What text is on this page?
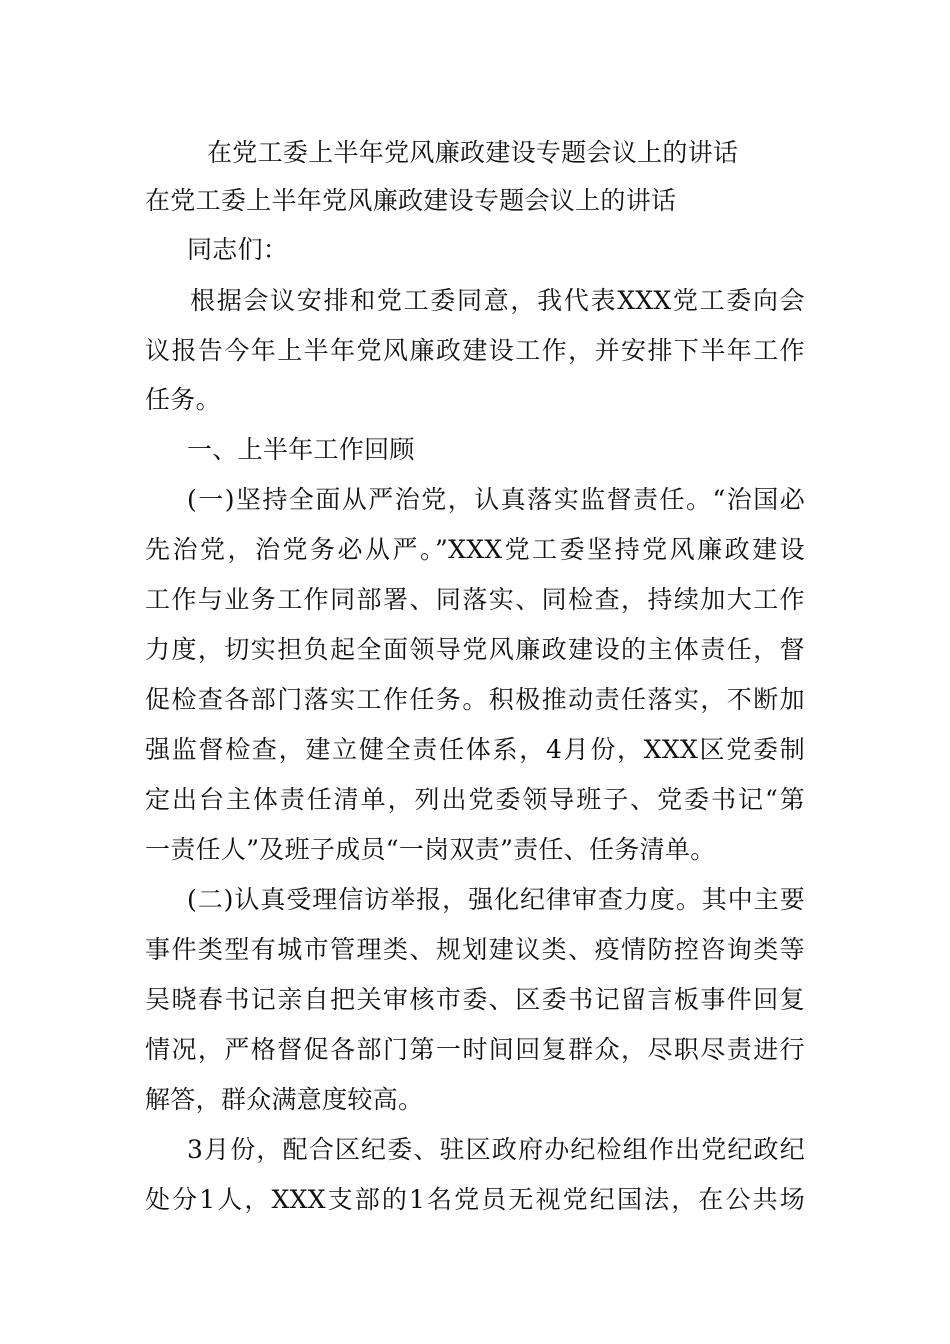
在党工委上半年党风廉政建设专题会议上的讲话
在党工委上半年党风廉政建设专题会议上的讲话
同志们：
根据会议安排和党工委同意，我代表XXX党工委向会
议报告今年上半年党风廉政建设工作，并安排下半年工作
任务。
一、上半年工作回顾
(一)坚持全面从严治党，认真落实监督责任。“治国必
先治党，治党务必从严。”XXX党工委坚持党风廉政建设
工作与业务工作同部署、同落实、同检查，持续加大工作
力度，切实担负起全面领导党风廉政建设的主体责任，督
促检查各部门落实工作任务。积极推动责任落实，不断加
强监督检查，建立健全责任体系，4月份，XXX区党委制
定出台主体责任清单，列出党委领导班子、党委书记“第
一责任人”及班子成员“一岗双责”责任、任务清单。
(二)认真受理信访举报，强化纪律审查力度。其中主要
事件类型有城市管理类、规划建议类、疫情防控咨询类等
吴晓春书记亲自把关审核市委、区委书记留言板事件回复
情况，严格督促各部门第一时间回复群众，尽职尽责进行
解答，群众满意度较高。
3月份，配合区纪委、驻区政府办纪检组作出党纪政纪
处分1人，XXX支部的1名党员无视党纪国法，在公共场
